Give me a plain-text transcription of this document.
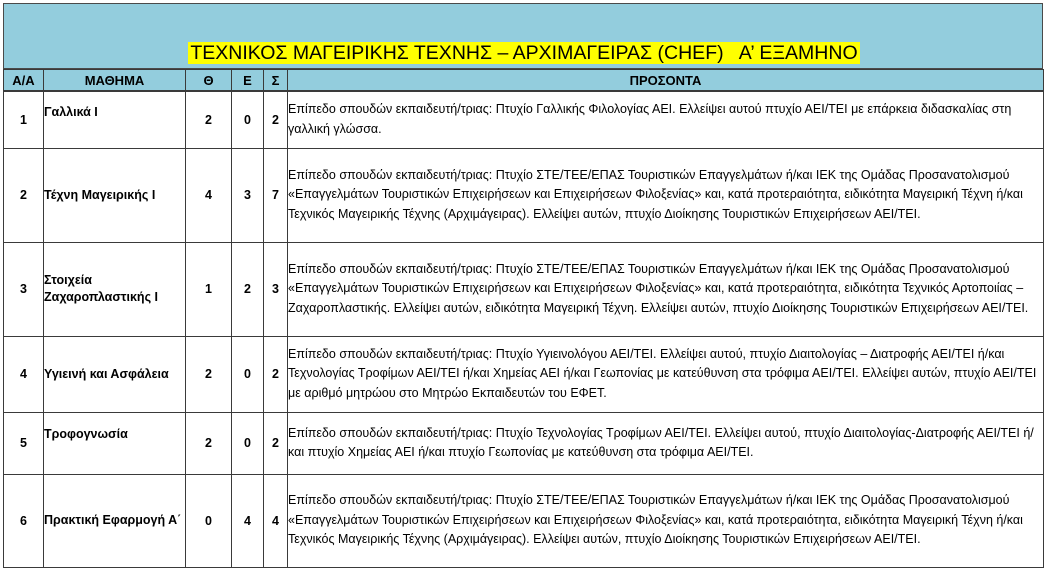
ΤΕΧΝΙΚΟΣ ΜΑΓΕΙΡΙΚΗΣ ΤΕΧΝΗΣ – ΑΡΧΙΜΑΓΕΙΡΑΣ (CHEF)   Α’ ΕΞΑΜΗΝΟ
Α/Α	ΜΑΘΗΜΑ	Θ	Ε	Σ	ΠΡΟΣΟΝΤΑ
1	Γαλλικά Ι	2	0	2	Επίπεδο σπουδών εκπαιδευτή/τριας: Πτυχίο Γαλλικής Φιλολογίας ΑΕΙ. Ελλείψει αυτού πτυχίο ΑΕΙ/ΤΕΙ με επάρκεια διδασκαλίας στη γαλλική γλώσσα.

2	Τέχνη Μαγειρικής Ι	4	3	7	Επίπεδο σπουδών εκπαιδευτή/τριας: Πτυχίο ΣΤΕ/ΤΕΕ/ΕΠΑΣ Τουριστικών Επαγγελμάτων ή/και ΙΕΚ της Ομάδας Προσανατολισμού «Επαγγελμάτων Τουριστικών Επιχειρήσεων και Επιχειρήσεων Φιλοξενίας» και, κατά προτεραιότητα, ειδικότητα Μαγειρική Τέχνη ή/και Τεχνικός Μαγειρικής Τέχνης (Αρχιμάγειρας). Ελλείψει αυτών, πτυχίο Διοίκησης Τουριστικών Επιχειρήσεων ΑΕΙ/ΤΕΙ.

3	Στοιχεία Ζαχαροπλαστικής Ι	1	2	3	Επίπεδο σπουδών εκπαιδευτή/τριας: Πτυχίο ΣΤΕ/ΤΕΕ/ΕΠΑΣ Τουριστικών Επαγγελμάτων ή/και ΙΕΚ της Ομάδας Προσανατολισμού «Επαγγελμάτων Τουριστικών Επιχειρήσεων και Επιχειρήσεων Φιλοξενίας» και, κατά προτεραιότητα, ειδικότητα Τεχνικός Αρτοποιίας – Ζαχαροπλαστικής. Ελλείψει αυτών, ειδικότητα Μαγειρική Τέχνη. Ελλείψει αυτών, πτυχίο Διοίκησης Τουριστικών Επιχειρήσεων ΑΕΙ/ΤΕΙ.

4	Υγιεινή και Ασφάλεια	2	0	2	Επίπεδο σπουδών εκπαιδευτή/τριας: Πτυχίο Υγιεινολόγου ΑΕΙ/ΤΕΙ. Ελλείψει αυτού, πτυχίο Διαιτολογίας – Διατροφής ΑΕΙ/ΤΕΙ ή/και Τεχνολογίας Τροφίμων ΑΕΙ/ΤΕΙ ή/και Χημείας ΑΕΙ ή/και Γεωπονίας με κατεύθυνση στα τρόφιμα ΑΕΙ/ΤΕΙ. Ελλείψει αυτών, πτυχίο ΑΕΙ/ΤΕΙ με αριθμό μητρώου στο Μητρώο Εκπαιδευτών του ΕΦΕΤ.

5	Τροφογνωσία	2	0	2	Επίπεδο σπουδών εκπαιδευτή/τριας: Πτυχίο Τεχνολογίας Τροφίμων ΑΕΙ/ΤΕΙ. Ελλείψει αυτού, πτυχίο Διαιτολογίας-Διατροφής ΑΕΙ/ΤΕΙ ή/και πτυχίο Χημείας ΑΕΙ ή/και πτυχίο Γεωπονίας με κατεύθυνση στα τρόφιμα ΑΕΙ/ΤΕΙ.

6	Πρακτική Εφαρμογή Α΄	0	4	4	Επίπεδο σπουδών εκπαιδευτή/τριας: Πτυχίο ΣΤΕ/ΤΕΕ/ΕΠΑΣ Τουριστικών Επαγγελμάτων ή/και ΙΕΚ της Ομάδας Προσανατολισμού «Επαγγελμάτων Τουριστικών Επιχειρήσεων και Επιχειρήσεων Φιλοξενίας» και, κατά προτεραιότητα, ειδικότητα Μαγειρική Τέχνη ή/και Τεχνικός Μαγειρικής Τέχνης (Αρχιμάγειρας). Ελλείψει αυτών, πτυχίο Διοίκησης Τουριστικών Επιχειρήσεων ΑΕΙ/ΤΕΙ.
